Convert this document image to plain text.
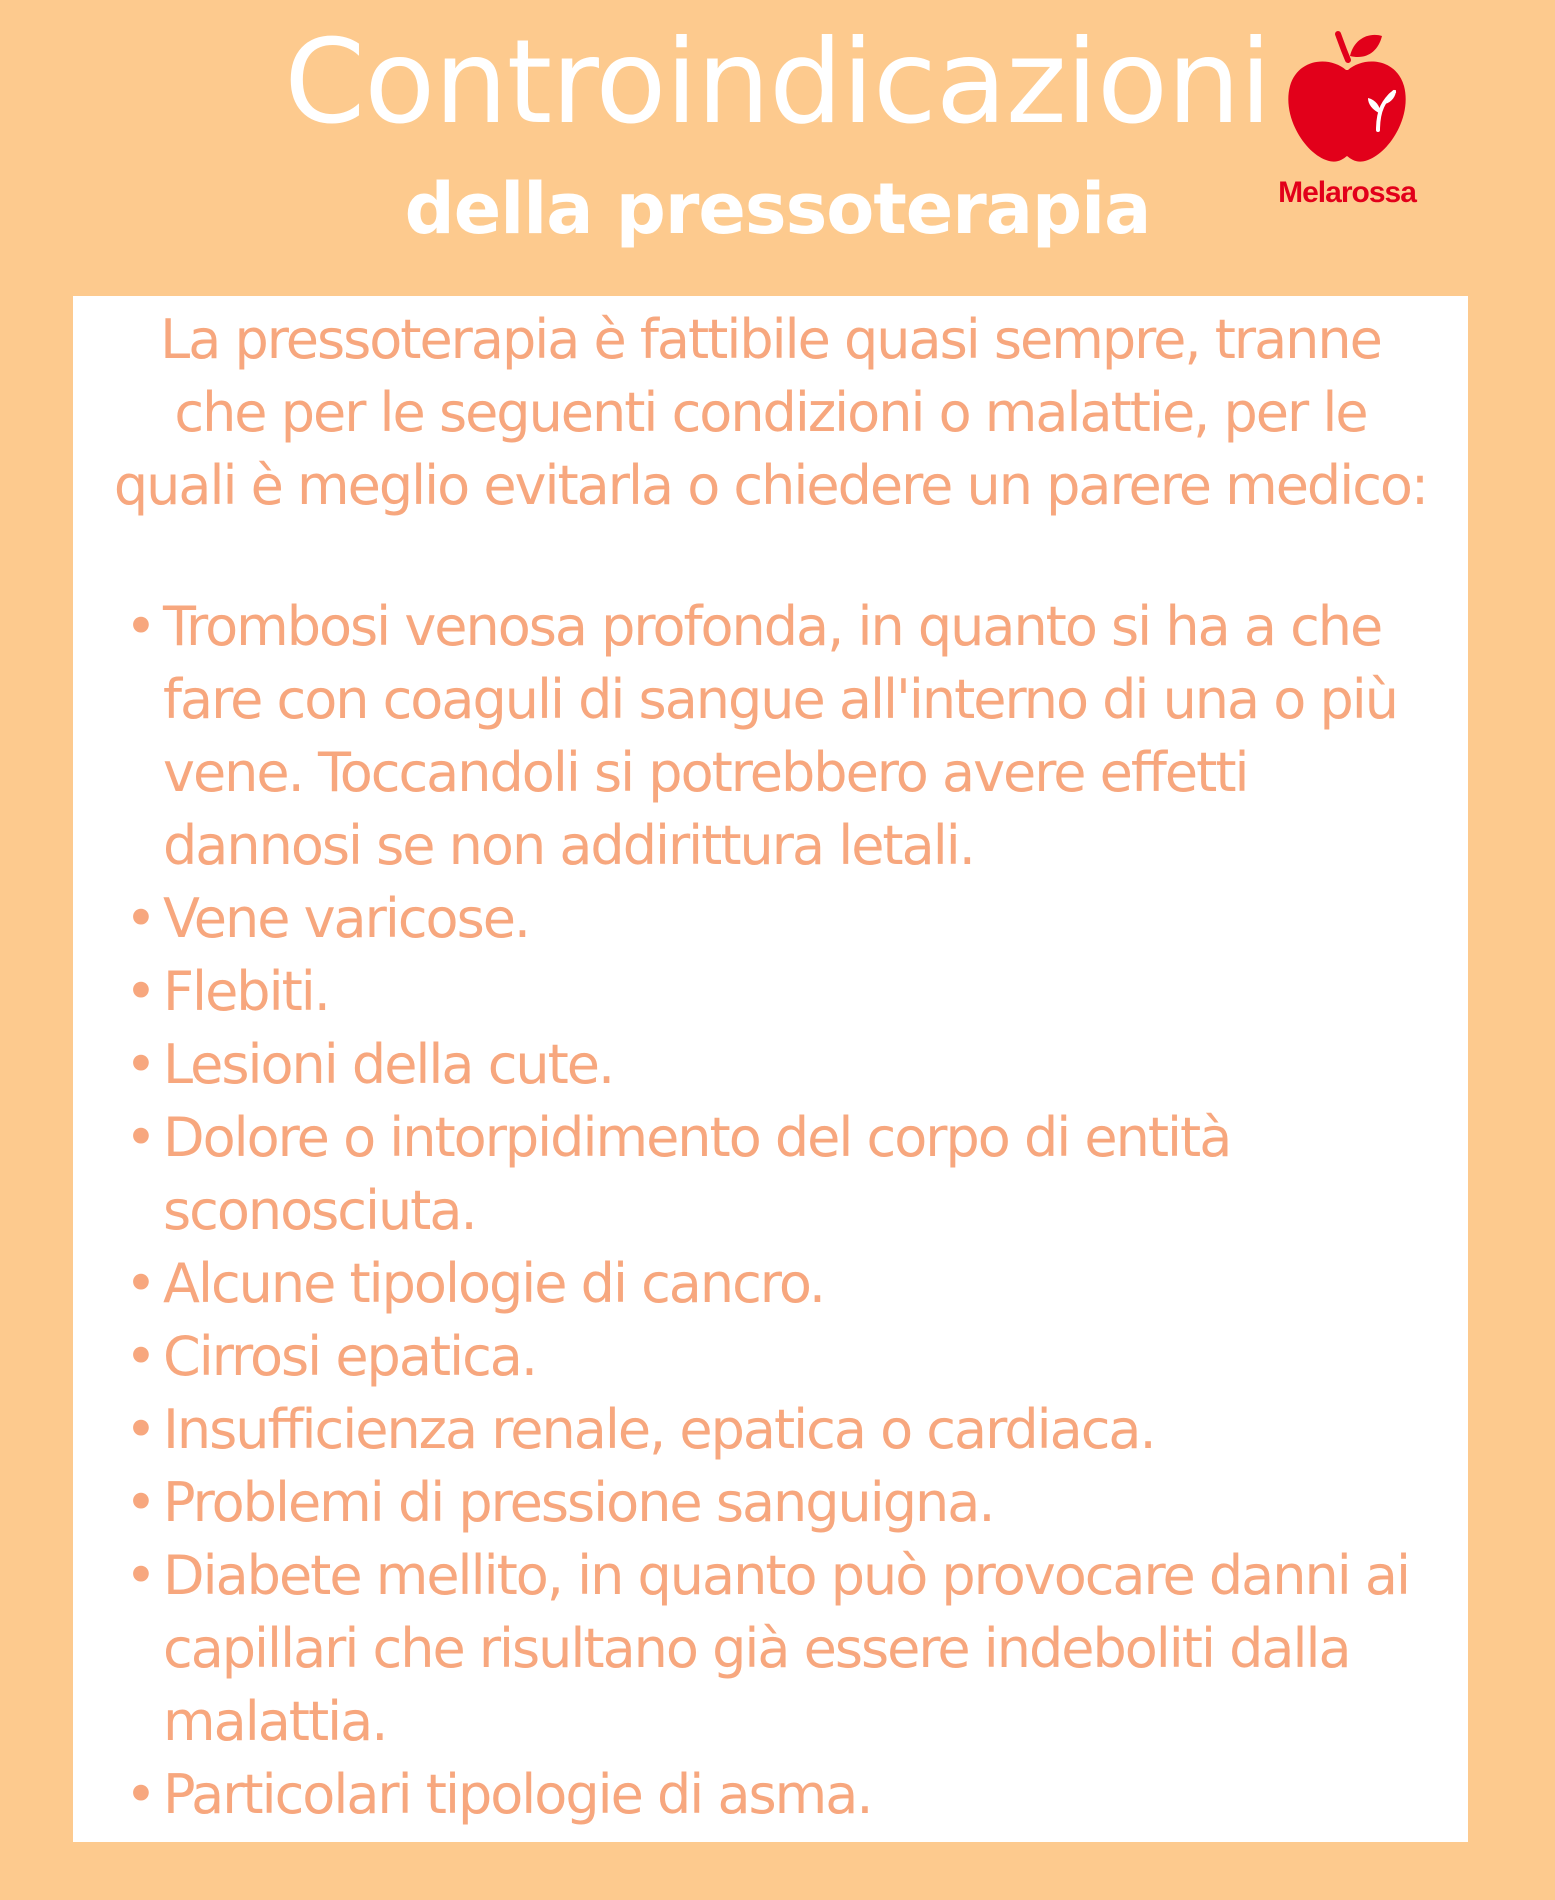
Controindicazioni
della pressoterapia	Melarossa

La pressoterapia è fattibile quasi sempre, tranne che per le seguenti condizioni o malattie, per le quali è meglio evitarla o chiedere un parere medico:

• Trombosi venosa profonda, in quanto si ha a che fare con coaguli di sangue all'interno di una o più vene. Toccandoli si potrebbero avere effetti dannosi se non addirittura letali.
• Vene varicose.
• Flebiti.
• Lesioni della cute.
• Dolore o intorpidimento del corpo di entità sconosciuta.
• Alcune tipologie di cancro.
• Cirrosi epatica.
• Insufficienza renale, epatica o cardiaca.
• Problemi di pressione sanguigna.
• Diabete mellito, in quanto può provocare danni ai capillari che risultano già essere indeboliti dalla malattia.
• Particolari tipologie di asma.
